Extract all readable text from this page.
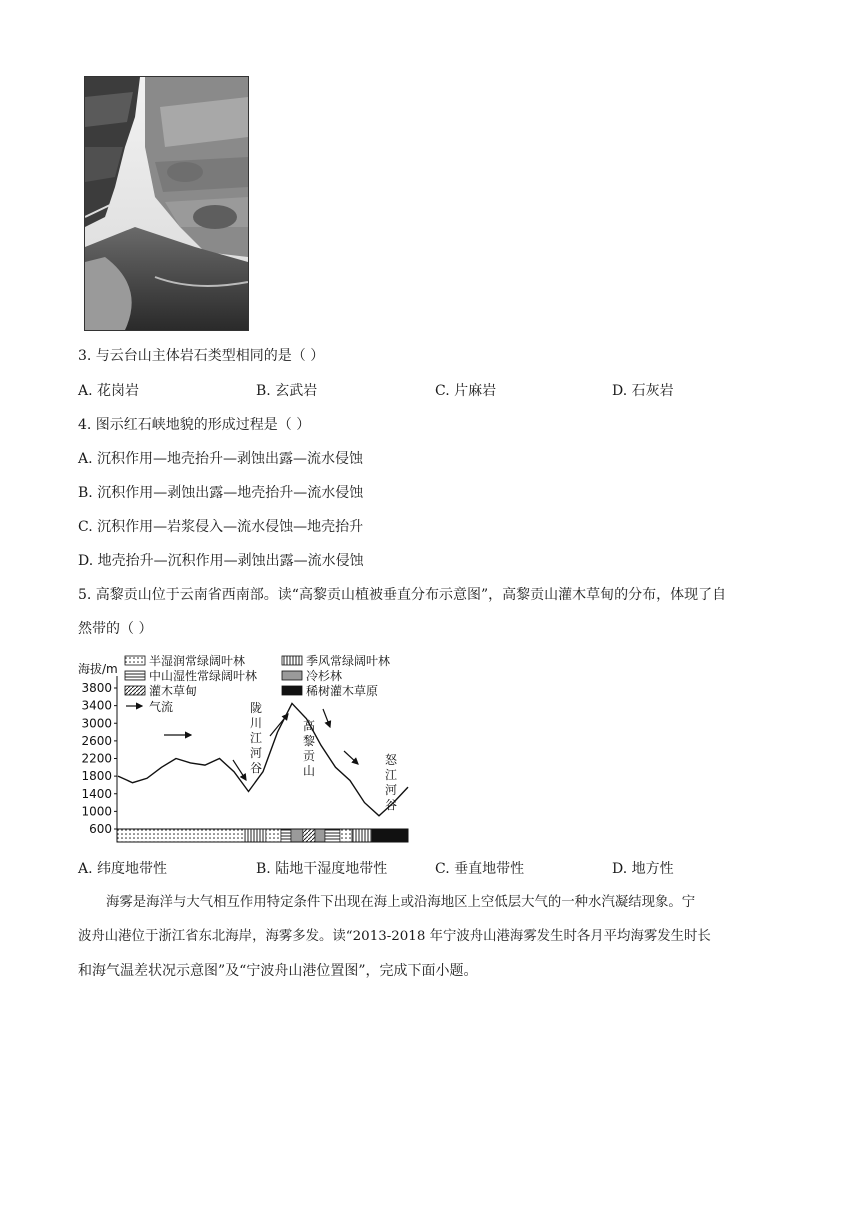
3. 与云台山主体岩石类型相同的是（ ）
A. 花岗岩	B. 玄武岩	C. 片麻岩	D. 石灰岩
4. 图示红石峡地貌的形成过程是（ ）
A. 沉积作用—地壳抬升—剥蚀出露—流水侵蚀
B. 沉积作用—剥蚀出露—地壳抬升—流水侵蚀
C. 沉积作用—岩浆侵入—流水侵蚀—地壳抬升
D. 地壳抬升—沉积作用—剥蚀出露—流水侵蚀
5. 高黎贡山位于云南省西南部。读“高黎贡山植被垂直分布示意图”，高黎贡山灌木草甸的分布，体现了自
然带的（ ）
海拔/m
3800
3400
3000
2600
2200
1800
1400
1000
600
半湿润常绿阔叶林	季风常绿阔叶林
中山湿性常绿阔叶林	冷杉林
灌木草甸	稀树灌木草原
气流
怒江河谷
高黎贡山
陇川江河谷
A. 纬度地带性	B. 陆地干湿度地带性	C. 垂直地带性	D. 地方性
海雾是海洋与大气相互作用特定条件下出现在海上或沿海地区上空低层大气的一种水汽凝结现象。宁
波舟山港位于浙江省东北海岸，海雾多发。读“2013-2018 年宁波舟山港海雾发生时各月平均海雾发生时长
和海气温差状况示意图”及“宁波舟山港位置图”，完成下面小题。
